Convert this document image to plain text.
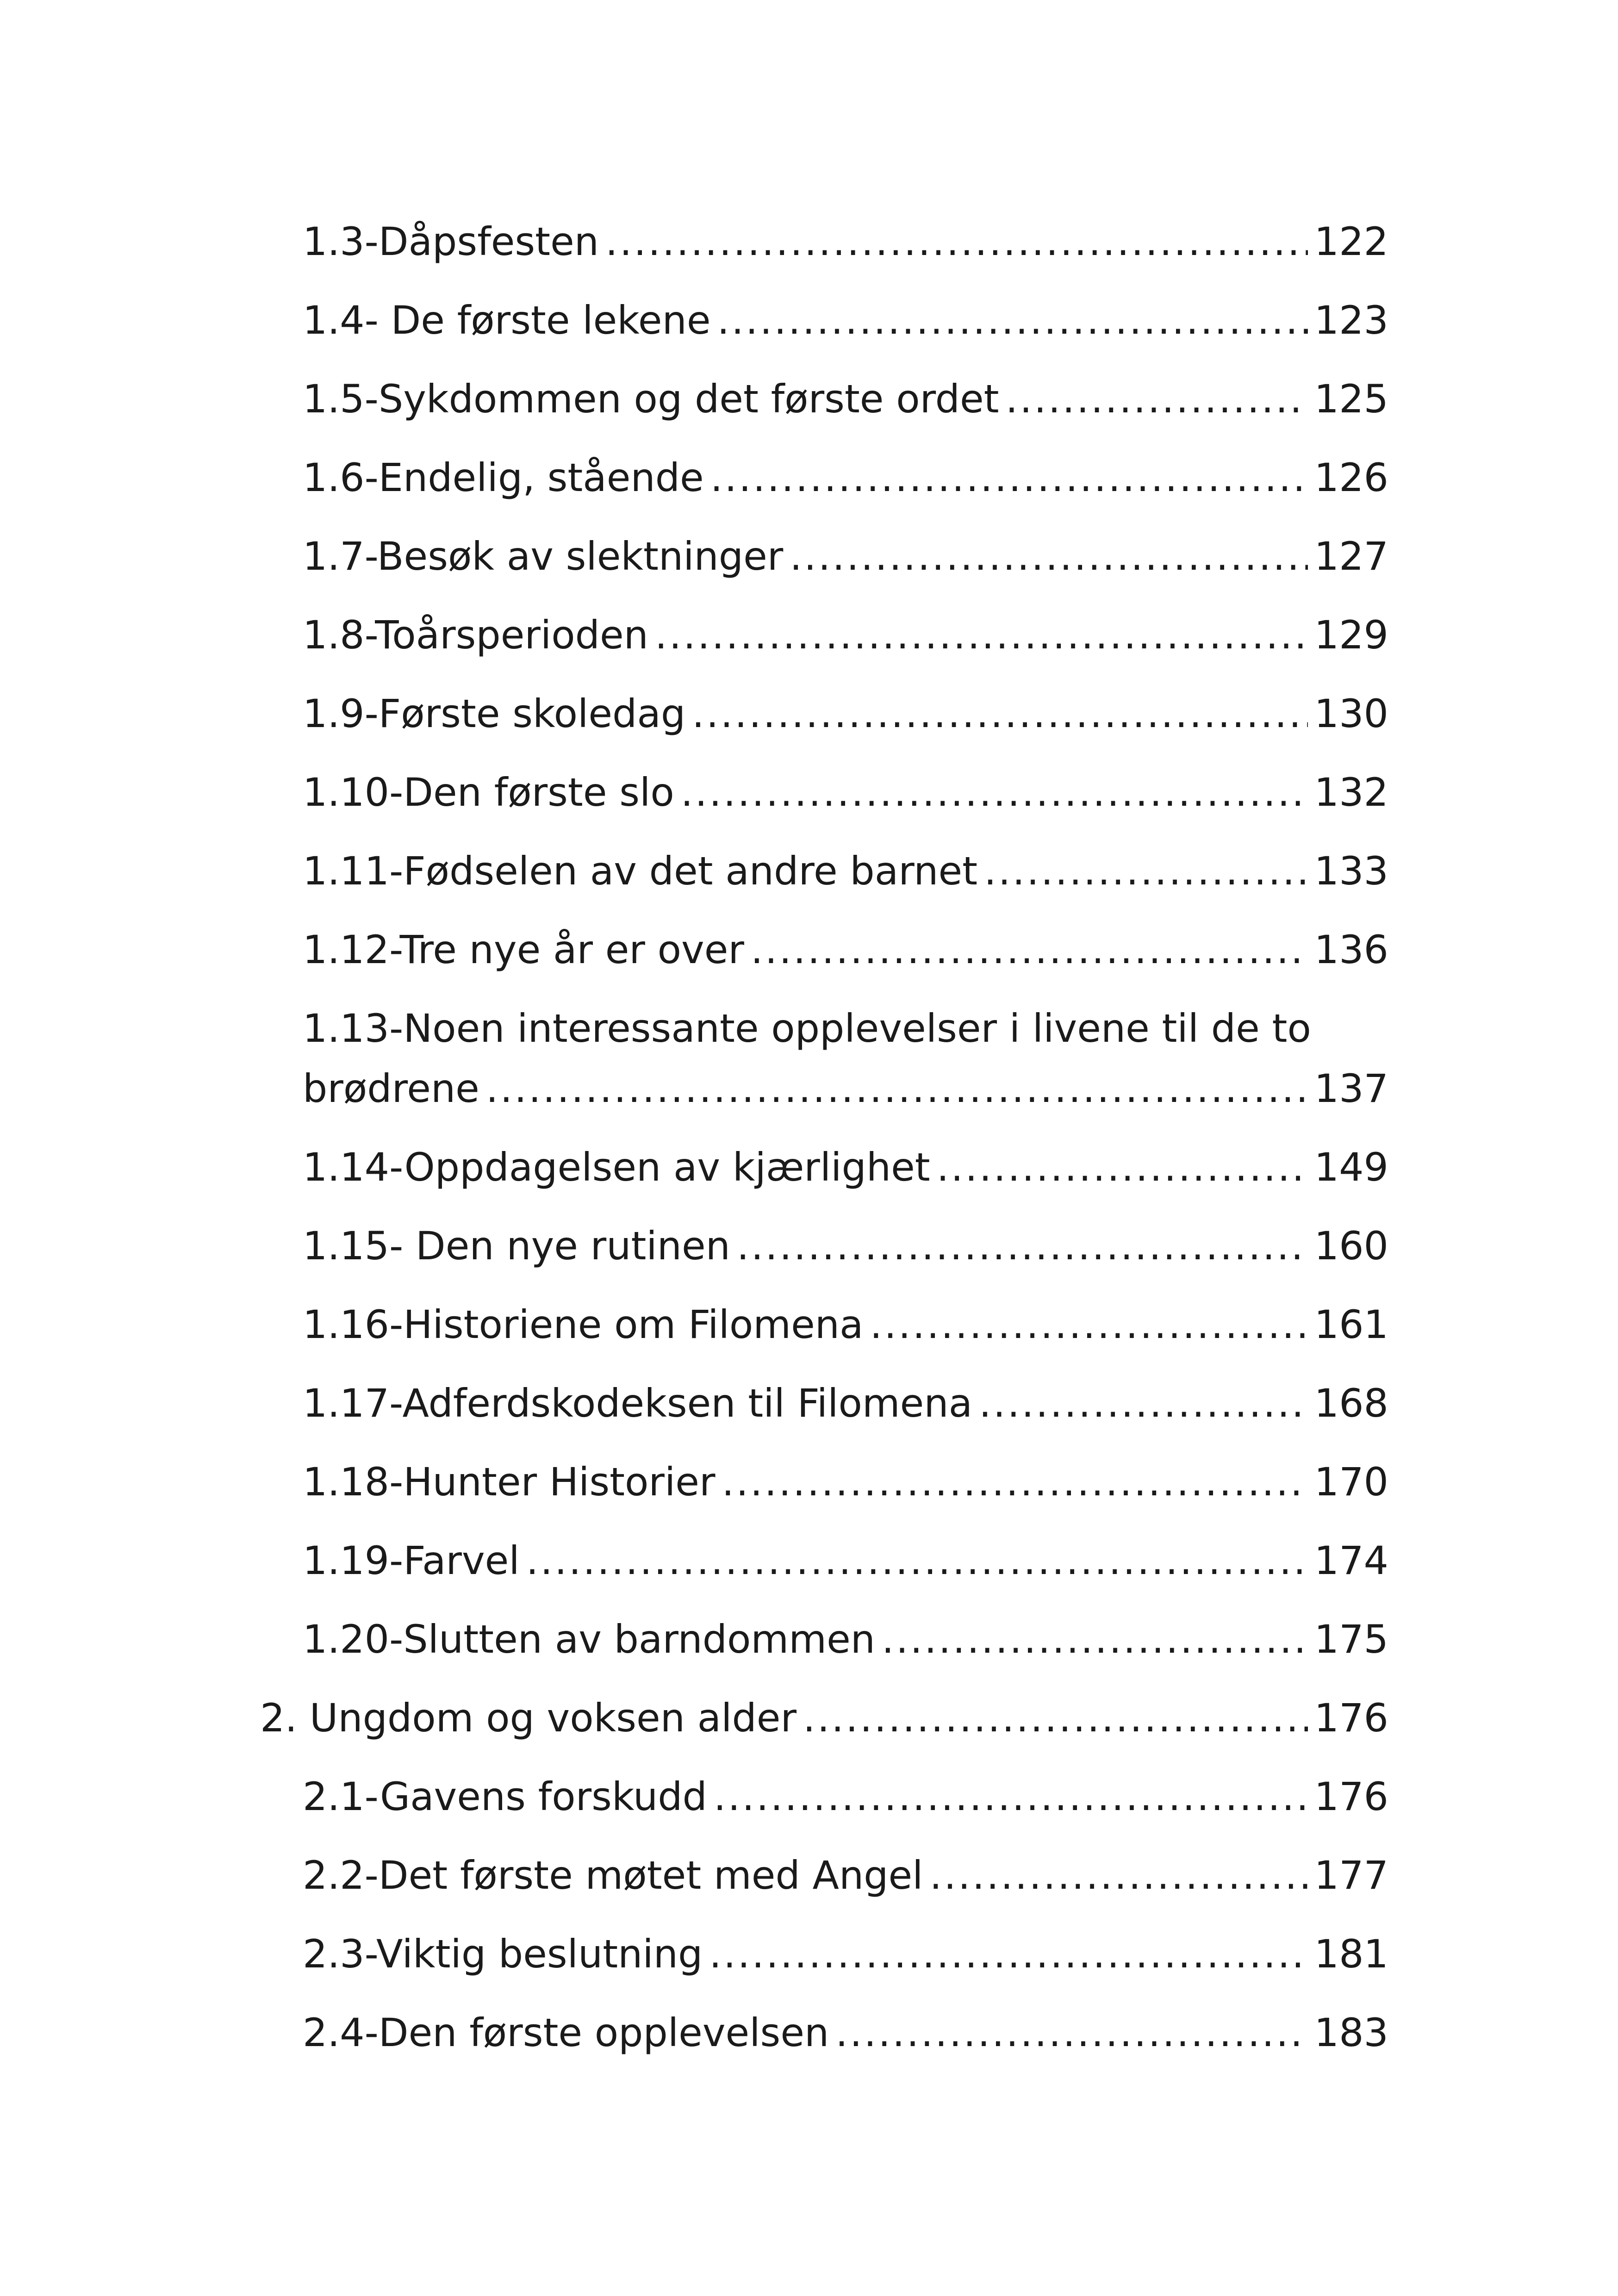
1.3-Dåpsfesten .....	122
1.4- De første lekene .....	123
1.5-Sykdommen og det første ordet .....	125
1.6-Endelig, stående .....	126
1.7-Besøk av slektninger .....	127
1.8-Toårsperioden .....	129
1.9-Første skoledag .....	130
1.10-Den første slo .....	132
1.11-Fødselen av det andre barnet .....	133
1.12-Tre nye år er over .....	136
1.13-Noen interessante opplevelser i livene til de to
brødrene .....	137
1.14-Oppdagelsen av kjærlighet .....	149
1.15- Den nye rutinen .....	160
1.16-Historiene om Filomena .....	161
1.17-Adferdskodeksen til Filomena .....	168
1.18-Hunter Historier .....	170
1.19-Farvel .....	174
1.20-Slutten av barndommen .....	175
2. Ungdom og voksen alder .....	176
2.1-Gavens forskudd .....	176
2.2-Det første møtet med Angel .....	177
2.3-Viktig beslutning .....	181
2.4-Den første opplevelsen .....	183
